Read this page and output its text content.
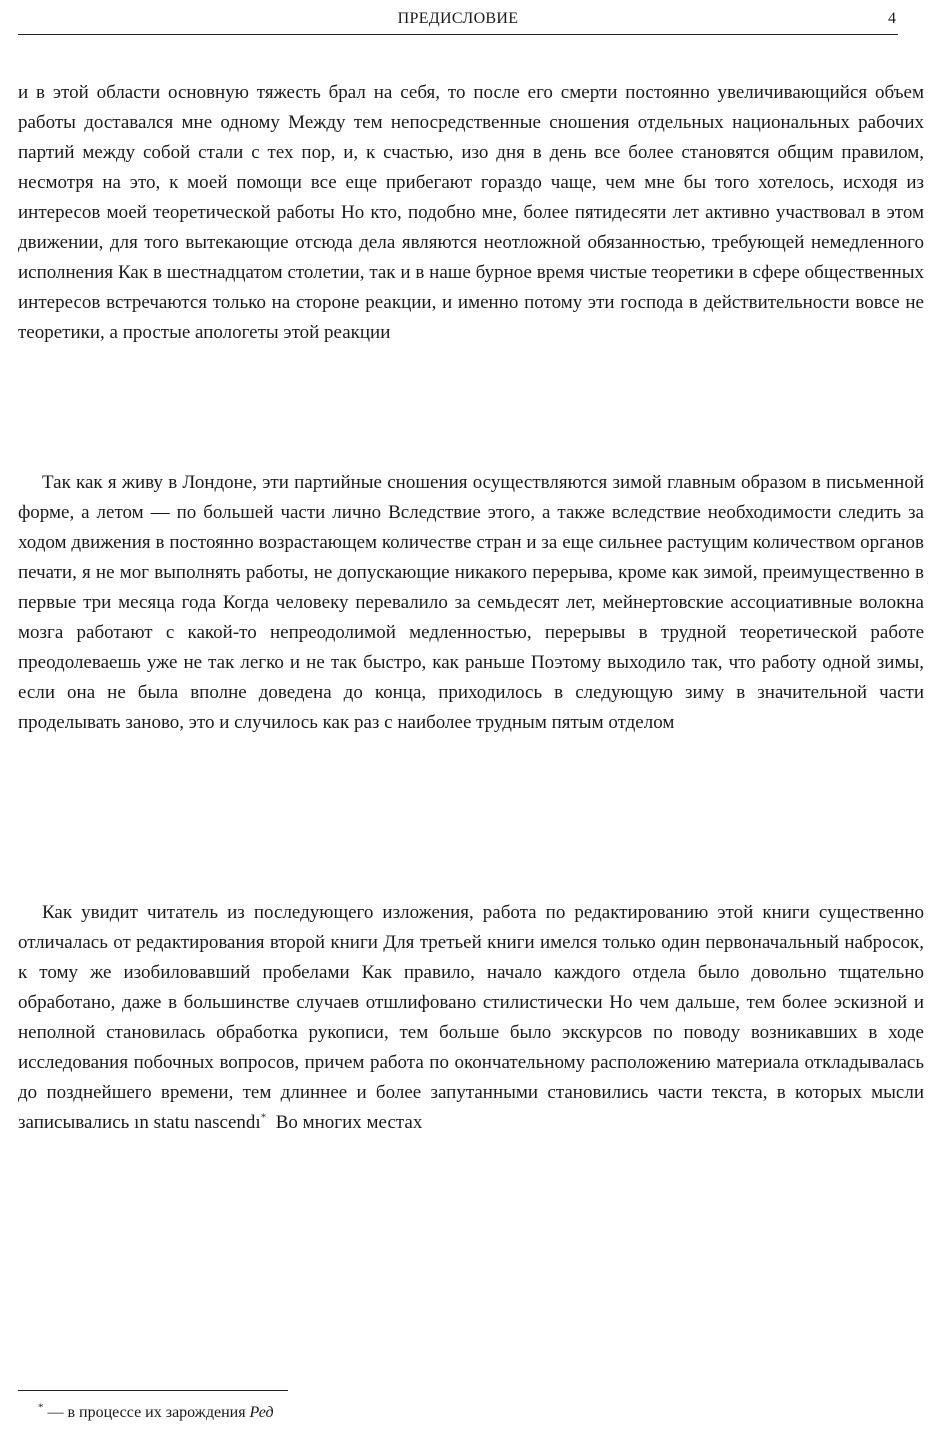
ПРЕДИСЛОВИЕ	4

и в этой области основную тяжесть брал на себя, то после его смерти постоянно увеличивающийся объем работы доставался мне одному Между тем непосредственные сношения отдельных национальных рабочих партий между собой стали с тех пор, и, к счастью, изо дня в день все более становятся общим правилом, несмотря на это, к моей помощи все еще прибегают гораздо чаще, чем мне бы того хотелось, исходя из интересов моей теоретической работы Но кто, подобно мне, более пятидесяти лет активно участвовал в этом движении, для того вытекающие отсюда дела являются неотложной обязанностью, требующей немедленного исполнения Как в шестнадцатом столетии, так и в наше бурное время чистые теоретики в сфере общественных интересов встречаются только на стороне реакции, и именно потому эти господа в действительности вовсе не теоретики, а простые апологеты этой реакции

Так как я живу в Лондоне, эти партийные сношения осуществляются зимой главным образом в письменной форме, а летом — по большей части лично Вследствие этого, а также вследствие необходимости следить за ходом движения в постоянно возрастающем количестве стран и за еще сильнее растущим количеством органов печати, я не мог выполнять работы, не допускающие никакого перерыва, кроме как зимой, преимущественно в первые три месяца года Когда человеку перевалило за семьдесят лет, мейнертовские ассоциативные волокна мозга работают с какой-то непреодолимой медленностью, перерывы в трудной теоретической работе преодолеваешь уже не так легко и не так быстро, как раньше Поэтому выходило так, что работу одной зимы, если она не была вполне доведена до конца, приходилось в следующую зиму в значительной части проделывать заново, это и случилось как раз с наиболее трудным пятым отделом

Как увидит читатель из последующего изложения, работа по редактированию этой книги существенно отличалась от редактирования второй книги Для третьей книги имелся только один первоначальный набросок, к тому же изобиловавший пробелами Как правило, начало каждого отдела было довольно тщательно обработано, даже в большинстве случаев отшлифовано стилистически Но чем дальше, тем более эскизной и неполной становилась обработка рукописи, тем больше было экскурсов по поводу возникавших в ходе исследования побочных вопросов, причем работа по окончательному расположению материала откладывалась до позднейшего времени, тем длиннее и более запутанными становились части текста, в которых мысли записывались ın statu nascendı* Во многих местах

* — в процессе их зарождения Ред
